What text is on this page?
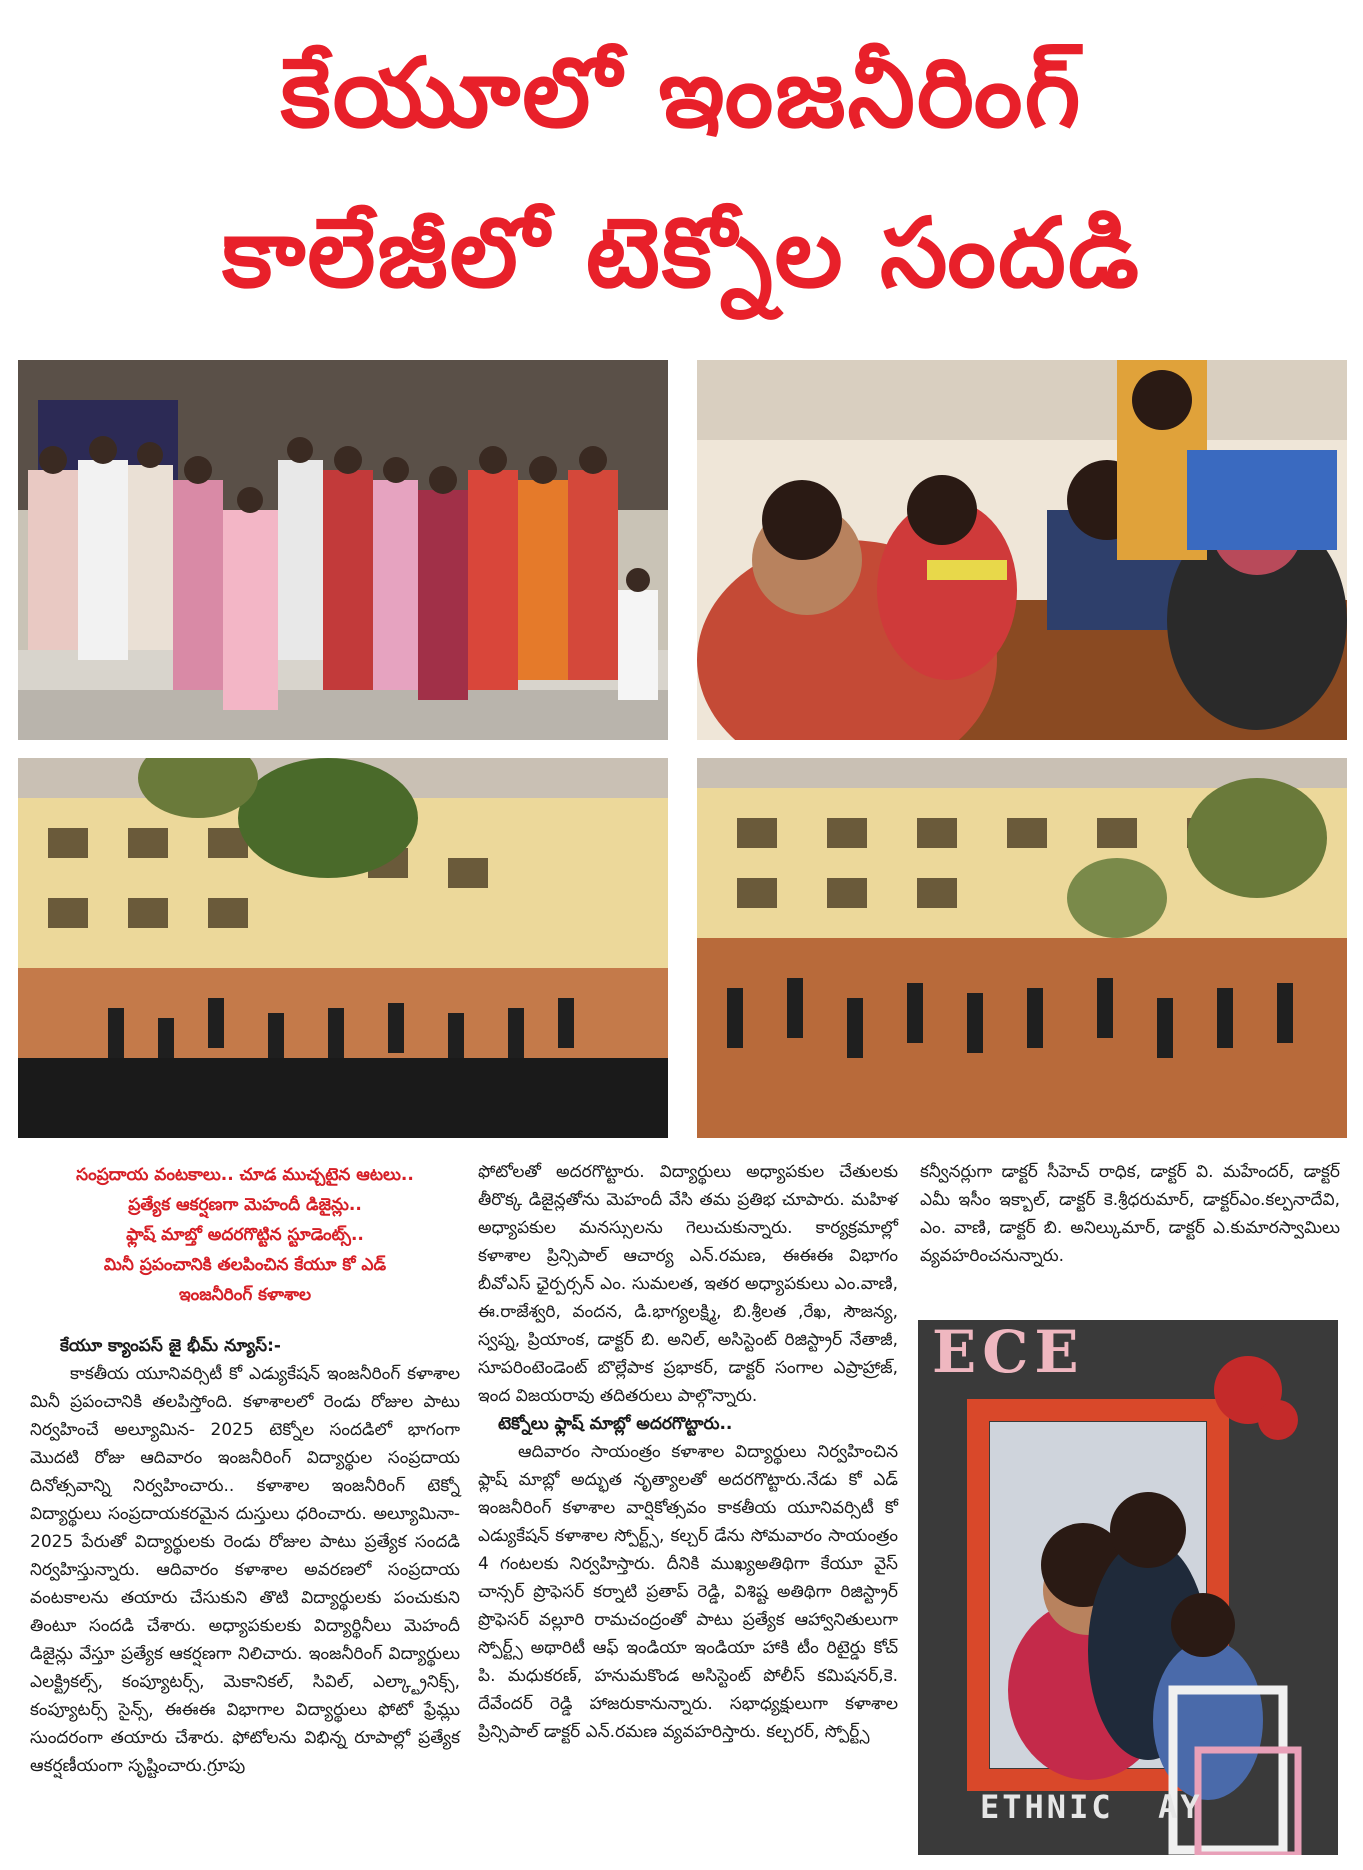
కేయూలో ఇంజనీరింగ్
కాలేజీలో టెక్నోల సందడి

సంప్రదాయ వంటకాలు.. చూడ ముచ్చటైన ఆటలు..

ప్రత్యేక ఆకర్షణగా మెహందీ డిజైన్లు..

ఫ్లాష్ మాబ్తో అదరగొట్టిన స్టూడెంట్స్..

మినీ ప్రపంచానికి తలపించిన కేయూ కో ఎడ్

ఇంజనీరింగ్ కళాశాల

కేయూ క్యాంపస్ జై భీమ్ న్యూస్:-

కాకతీయ యూనివర్సిటీ కో ఎడ్యుకేషన్ ఇంజనీరింగ్ కళాశాల మినీ ప్రపంచానికి తలపిస్తోంది. కళాశాలలో రెండు రోజుల పాటు నిర్వహించే అల్యూమిన- 2025 టెక్నోల సందడిలో భాగంగా మొదటి రోజు ఆదివారం ఇంజనీరింగ్ విద్యార్థుల సంప్రదాయ దినోత్సవాన్ని నిర్వహించారు.. కళాశాల ఇంజనీరింగ్ టెక్నో విద్యార్థులు సంప్రదాయకరమైన దుస్తులు ధరించారు. అల్యూమినా- 2025 పేరుతో విద్యార్థులకు రెండు రోజుల పాటు ప్రత్యేక సందడి నిర్వహిస్తున్నారు. ఆదివారం కళాశాల అవరణలో సంప్రదాయ వంటకాలను తయారు చేసుకుని తొటి విద్యార్థులకు పంచుకుని తింటూ సందడి చేశారు. అధ్యాపకులకు విద్యార్థినీలు మెహందీ డిజైన్లు వేస్తూ ప్రత్యేక ఆకర్షణగా నిలిచారు. ఇంజనీరింగ్ విద్యార్థులు ఎలక్ట్రికల్స్, కంప్యూటర్స్, మెకానికల్, సివిల్, ఎల్క్ట్రానిక్స్, కంప్యూటర్స్ సైన్స్, ఈఈఈ విభాగాల విద్యార్థులు ఫోటో ఫ్రేమ్లు సుందరంగా తయారు చేశారు. ఫోటోలను విభిన్న రూపాల్లో ప్రత్యేక ఆకర్షణీయంగా సృష్టించారు.గ్రూపు

ఫోటోలతో అదరగొట్టారు. విద్యార్థులు అధ్యాపకుల చేతులకు తీరొక్క డిజైన్లతోను మెహందీ వేసి తమ ప్రతిభ చూపారు. మహిళ అధ్యాపకుల మనస్సులను గెలుచుకున్నారు. కార్యక్రమాల్లో కళాశాల ప్రిన్సిపాల్ ఆచార్య ఎన్.రమణ, ఈఈఈ విభాగం బీవోఎస్ ఛైర్పర్సన్ ఎం. సుమలత, ఇతర అధ్యాపకులు ఎం.వాణి, ఈ.రాజేశ్వరి, వందన, డి.భాగ్యలక్ష్మి, బి.శ్రీలత ,రేఖ, సౌజన్య, స్వప్న, ప్రియాంక, డాక్టర్ బి. అనిల్, అసిస్టెంట్ రిజిస్ట్రార్ నేతాజీ, సూపరింటెండెంట్ బొల్లేపాక ప్రభాకర్, డాక్టర్ సంగాల ఎప్రాహ్రాజ్, ఇంద విజయరావు తదితరులు పాల్గొన్నారు.

టెక్నోలు ఫ్లాష్ మాబ్లో అదరగొట్టారు..

ఆదివారం సాయంత్రం కళాశాల విద్యార్థులు నిర్వహించిన ఫ్లాష్ మాబ్లో అద్భుత నృత్యాలతో అదరగొట్టారు.నేడు కో ఎడ్ ఇంజనీరింగ్ కళాశాల వార్షికోత్సవం కాకతీయ యూనివర్సిటీ కో ఎడ్యుకేషన్ కళాశాల స్పోర్ట్స్, కల్చర్ డేను సోమవారం సాయంత్రం 4 గంటలకు నిర్వహిస్తారు. దీనికి ముఖ్యఅతిథిగా కేయూ వైస్ చాన్సర్ ప్రొఫెసర్ కర్నాటి ప్రతాప్ రెడ్డి, విశిష్ట అతిథిగా రిజిస్ట్రార్ ప్రొఫెసర్ వల్లూరి రామచంద్రంతో పాటు ప్రత్యేక ఆహ్వానితులుగా స్పోర్ట్స్ అథారిటీ ఆఫ్ ఇండియా ఇండియా హాకి టీం రిటైర్డు కోచ్ పి. మధుకరణ్, హనుమకొండ అసిస్టెంట్ పోలీస్ కమిషనర్,కె. దేవేందర్ రెడ్డి హాజరుకానున్నారు. సభాధ్యక్షులుగా కళాశాల ప్రిన్సిపాల్ డాక్టర్ ఎన్.రమణ వ్యవహరిస్తారు. కల్చరర్, స్పోర్ట్స్

కన్వీనర్లుగా డాక్టర్ సీహెచ్ రాధిక, డాక్టర్ వి. మహేందర్, డాక్టర్ ఎమీ ఇసీం ఇక్బాల్, డాక్టర్ కె.శ్రీధరుమార్, డాక్టర్ఎం.కల్పనాదేవి, ఎం. వాణి, డాక్టర్ బి. అనిల్కుమార్, డాక్టర్ ఎ.కుమారస్వామిలు వ్యవహరించనున్నారు.

ECE
ETHNIC  AY
